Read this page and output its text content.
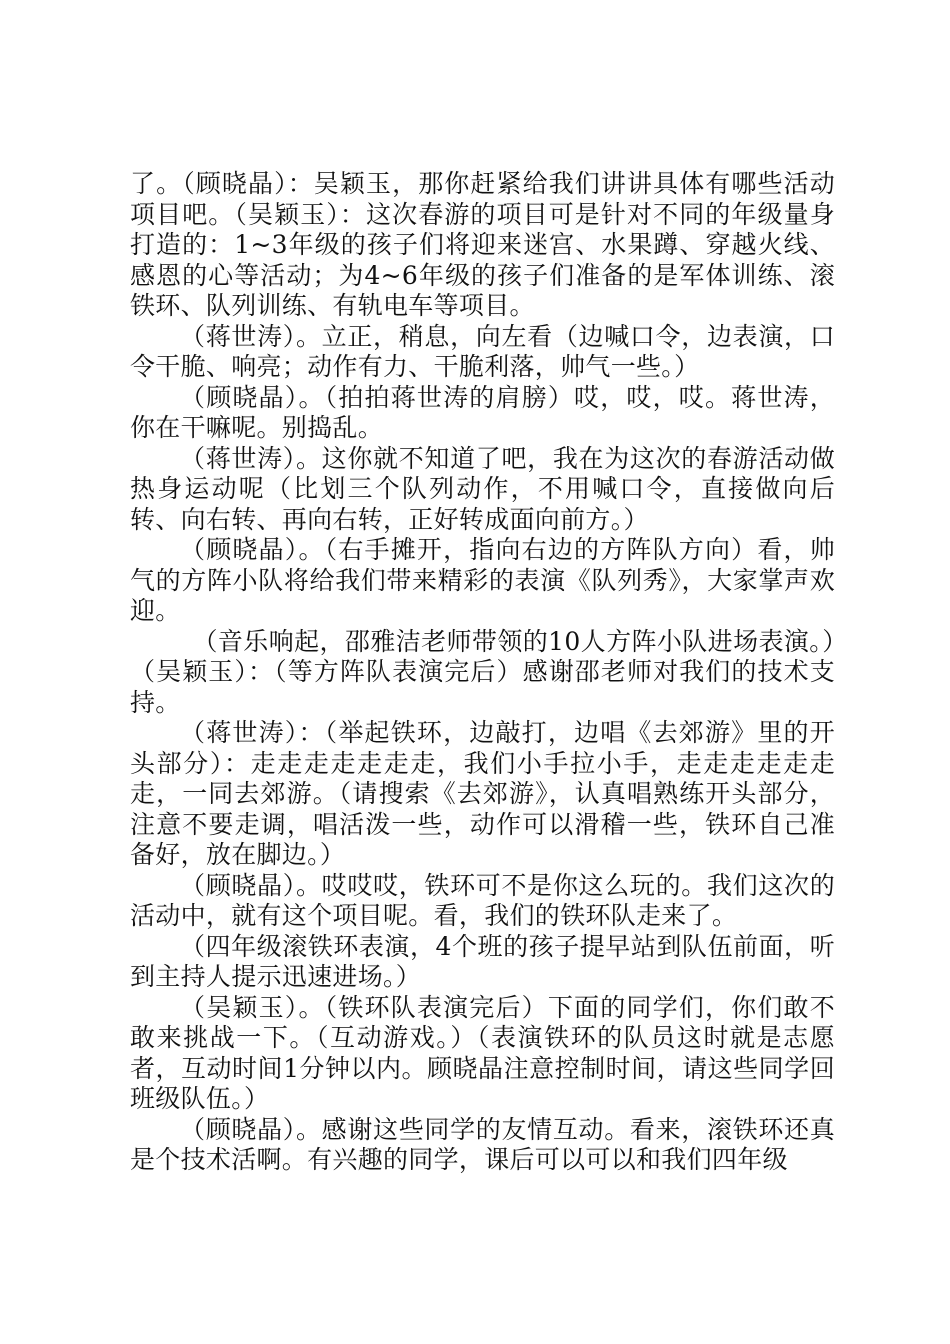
了。（顾晓晶）：吴颖玉，那你赶紧给我们讲讲具体有哪些活动项目吧。（吴颖玉）：这次春游的项目可是针对不同的年级量身打造的：1~3年级的孩子们将迎来迷宫、水果蹲、穿越火线、感恩的心等活动；为4~6年级的孩子们准备的是军体训练、滚铁环、队列训练、有轨电车等项目。

（蒋世涛）。立正，稍息，向左看（边喊口令，边表演，口令干脆、响亮；动作有力、干脆利落，帅气一些。）

（顾晓晶）。（拍拍蒋世涛的肩膀）哎，哎，哎。蒋世涛，你在干嘛呢。别捣乱。

（蒋世涛）。这你就不知道了吧，我在为这次的春游活动做热身运动呢（比划三个队列动作，不用喊口令，直接做向后转、向右转、再向右转，正好转成面向前方。）

（顾晓晶）。（右手摊开，指向右边的方阵队方向）看，帅气的方阵小队将给我们带来精彩的表演《队列秀》，大家掌声欢迎。

（音乐响起，邵雅洁老师带领的10人方阵小队进场表演。）（吴颖玉）：（等方阵队表演完后）感谢邵老师对我们的技术支持。

（蒋世涛）：（举起铁环，边敲打，边唱《去郊游》里的开头部分）：走走走走走走走，我们小手拉小手，走走走走走走走，一同去郊游。（请搜索《去郊游》，认真唱熟练开头部分，注意不要走调，唱活泼一些，动作可以滑稽一些，铁环自己准备好，放在脚边。）

（顾晓晶）。哎哎哎，铁环可不是你这么玩的。我们这次的活动中，就有这个项目呢。看，我们的铁环队走来了。

（四年级滚铁环表演，4个班的孩子提早站到队伍前面，听到主持人提示迅速进场。）

（吴颖玉）。（铁环队表演完后）下面的同学们，你们敢不敢来挑战一下。（互动游戏。）（表演铁环的队员这时就是志愿者，互动时间1分钟以内。顾晓晶注意控制时间，请这些同学回班级队伍。）

（顾晓晶）。感谢这些同学的友情互动。看来，滚铁环还真是个技术活啊。有兴趣的同学，课后可以可以和我们四年级
